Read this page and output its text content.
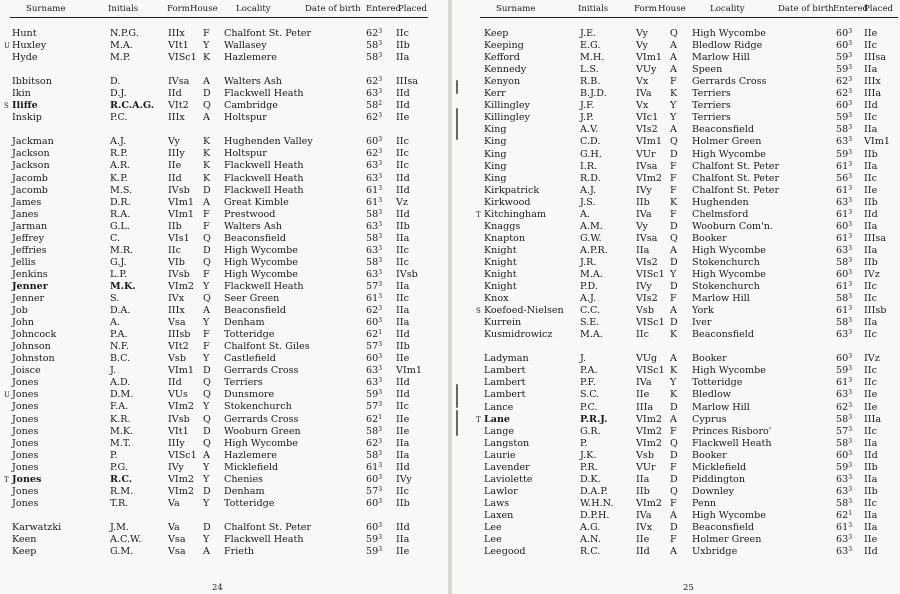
Surname	Initials	Form House Locality	Date of birth Entered
Placed
Hunt	N.P.G.	IIIx F Chalfont St. Peter	$62^3$ IIc
U Huxley	M.A.	VIt1 Y Wallasey	$58^3$ IIb
Hyde	M.P.	VISc1 K Hazlemere	$58^3$ IIa
Ibbitson	D.	IVsa A Walters Ash	$62^3$ IIIsa
Ikin	D.J.	IId D Flackwell Heath	$63^3$ IId
S Iliffe	R.C.A.G. VIt2 Q Cambridge	$58^2$ IId
Inskip	P.C.	IIIx A Holtspur	$62^3$ IIe
Jackman	A.J.	Vy K Hughenden Valley	$60^3$ IIc
Jackson	R.P.	IIIy K Holtspur	$62^3$ IIc
Jackson	A.R.	IIe K Flackwell Heath	$63^3$ IIc
Jacomb	K.P.	IId K Flackwell Heath	$63^3$ IId
Jacomb	M.S.	IVsb D Flackwell Heath	$61^3$ IId
James	D.R.	VIm1 A Great Kimble	$61^3$ Vz
Janes	R.A.	VIm1 F Prestwood	$58^3$ IId
Jarman	G.L.	IIb F Walters Ash	$63^3$ IIb
Jeffrey	C.	VIs1 Q Beaconsfield	$58^3$ IIa
Jeffries	M.R.	IIc D High Wycombe	$63^3$ IIc
Jellis	G.J.	VIb Q High Wycombe	$58^3$ IIc
Jenkins	L.P.	IVsb F High Wycombe	$63^3$ IVsb
Jenner	M.K.	VIm2 Y Flackwell Heath	$57^3$ IIa
Jenner	S.	IVx Q Seer Green	$61^3$ IIc
Job	D.A.	IIIx A Beaconsfield	$62^3$ IIa
John	A.	Vsa Y Denham	$60^3$ IIa
Johncock	P.A.	IIIsb F Totteridge	$62^1$ IId
Johnson	N.F.	VIt2 F Chalfont St. Giles	$57^3$ IIb
Johnston	B.C.	Vsb Y Castlefield	$60^3$ IIe
Joisce	J.	VIm1 D Gerrards Cross	$63^3$ VIm1
Jones	A.D.	IId Q Terriers	$63^3$ IId
U Jones	D.M.	VUs Q Dunsmore	$59^3$ IId
Jones	F.A.	VIm2 Y Stokenchurch	$57^3$ IIc
Jones	K.R.	IVsb Q Gerrards Cross	$62^1$ IIe
Jones	M.K.	VIt1 D Wooburn Green	$58^3$ IIe
Jones	M.T.	IIIy Q High Wycombe	$62^3$ IIa
Jones	P.	VISc1 A Hazlemere	$58^3$ IIa
Jones	P.G.	IVy Y Micklefield	$61^3$ IId
T Jones	R.C.	VIm2 Y Chenies	$60^3$ IVy
Jones	R.M.	VIm2 D Denham	$57^3$ IIc
Jones	T.R.	Va Y Totteridge	$60^3$ IIb
Karwatzki	J.M.	Va D Chalfont St. Peter	$60^3$ IId
Keen	A.C.W.	Vsa Y Flackwell Heath	$59^3$ IIa
Keep	G.M.	Vsa A Frieth	$59^3$ IIe
24
Surname	Initials	Form House	Locality	Date of birth Entered
Placed
Keep	J.E.	Vy Q High Wycombe	$60^3$ IIe
Keeping	E.G.	Vy A Bledlow Ridge	$60^3$ IIc
Kefford	M.H.	VIm1 A Marlow Hill	$59^3$ IIIsa
Kennedy	L.S.	VUy A Speen	$59^3$ IIa
Kenyon	R.B.	Vx F Gerrards Cross	$62^3$ IIIx
Kerr	B.J.D.	IVa K Terriers	$62^3$ IIIa
Killingley	J.F.	Vx Y Terriers	$60^3$ IId
Killingley	J.P.	VIc1 Y Terriers	$59^3$ IIc
King	A.V.	VIs2 A Beaconsfield	$58^3$ IIa
King	C.D.	VIm1 Q Holmer Green	$63^3$ VIm1
King	G.H.	VUr D High Wycombe	$59^3$ IIb
King	I.R.	IVsa F Chalfont St. Peter	$61^3$ IIa
King	R.D.	VIm2 F Chalfont St. Peter	$56^3$ IIc
Kirkpatrick	A.J.	IVy F Chalfont St. Peter	$61^3$ IIe
Kirkwood	J.S.	IIb K Hughenden	$63^3$ IIb
T Kitchingham	A.	IVa F Chelmsford	$61^3$ IId
Knaggs	A.M.	Vy D Wooburn Com'n.	$60^3$ IIa
Knapton	G.W.	IVsa Q Booker	$61^3$ IIIsa
Knight	A.P.R.	IIa A High Wycombe	$63^3$ IIa
Knight	J.R.	VIs2 D Stokenchurch	$58^3$ IIb
Knight	M.A.	VISc1 Y High Wycombe	$60^3$ IVz
Knight	P.D.	IVy D Stokenchurch	$61^3$ IIc
Knox	A.J.	VIs2 F Marlow Hill	$58^3$ IIc
S Koefoed-Nielsen C.C.	Vsb A York	$61^3$ IIIsb
Kurrein	S.E.	VISc1 D Iver	$58^3$ IIa
Kusmidrowicz	M.A.	IIc K Beaconsfield	$63^3$ IIc
Ladyman	J.	VUg A Booker	$60^3$ IVz
Lambert	P.A.	VISc1 K High Wycombe	$59^3$ IIc
Lambert	P.F.	IVa Y Totteridge	$61^3$ IIc
Lambert	S.C.	IIe K Bledlow	$63^3$ IIe
Lance	P.C.	IIIa D Marlow Hill	$62^3$ IIe
T Lane	P.R.J.	VIm2 A Cyprus	$58^3$ IIIa
Lange	G.R.	VIm2 F Princes Risboro'	$57^3$ IIc
Langston	P.	VIm2 Q Flackwell Heath	$58^3$ IIa
Laurie	J.K.	Vsb D Booker	$60^3$ IId
Lavender	P.R.	VUr F Micklefield	$59^3$ IIb
Laviolette	D.K.	IIa D Piddington	$63^3$ IIa
Lawlor	D.A.P.	IIb Q Downley	$63^3$ IIb
Laws	W.H.N. VIm2 F Penn	$58^3$ IIc
Laxen	D.P.H.	IVa A High Wycombe	$62^1$ IIa
Lee	A.G.	IVx D Beaconsfield	$61^3$ IIa
Lee	A.N.	IIe F Holmer Green	$63^3$ IIe
Leegood	R.C.	IId A Uxbridge	$63^3$ IId
25
